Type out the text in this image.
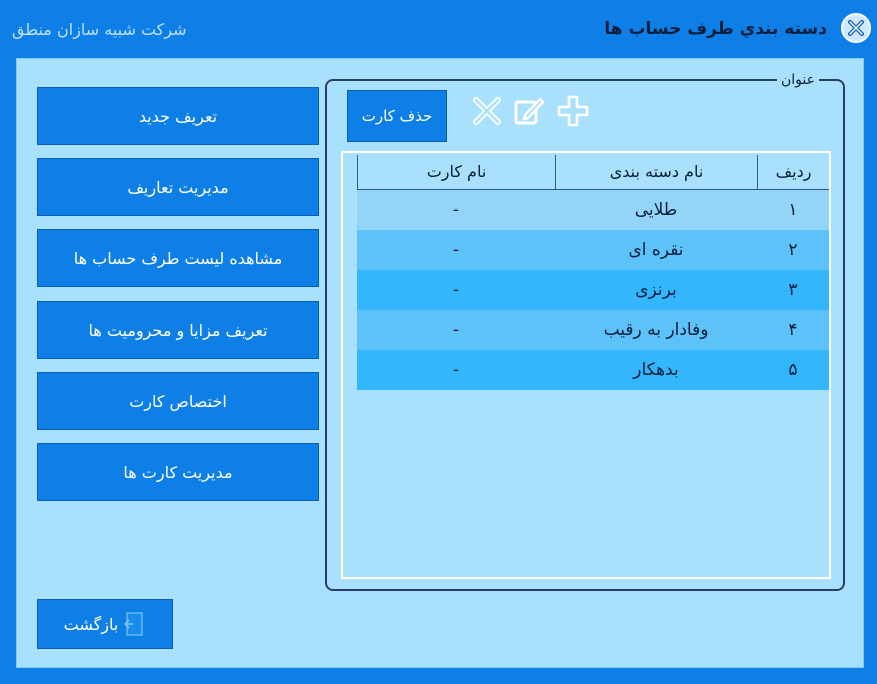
دسته بندي طرف حساب ها
شرکت شبیه سازان منطق
تعریف جدید
مدیریت تعاریف
مشاهده لیست طرف حساب ها
تعریف مزایا و محرومیت ها
اختصاص کارت
مدیریت کارت ها
بازگشت
عنوان
حذف کارت
رديف
نام دسته بندی
نام کارت
۱
طلایی
-
۲
نقره ای
-
۳
برنزی
-
۴
وفادار به رقیب
-
۵
بدهکار
-
